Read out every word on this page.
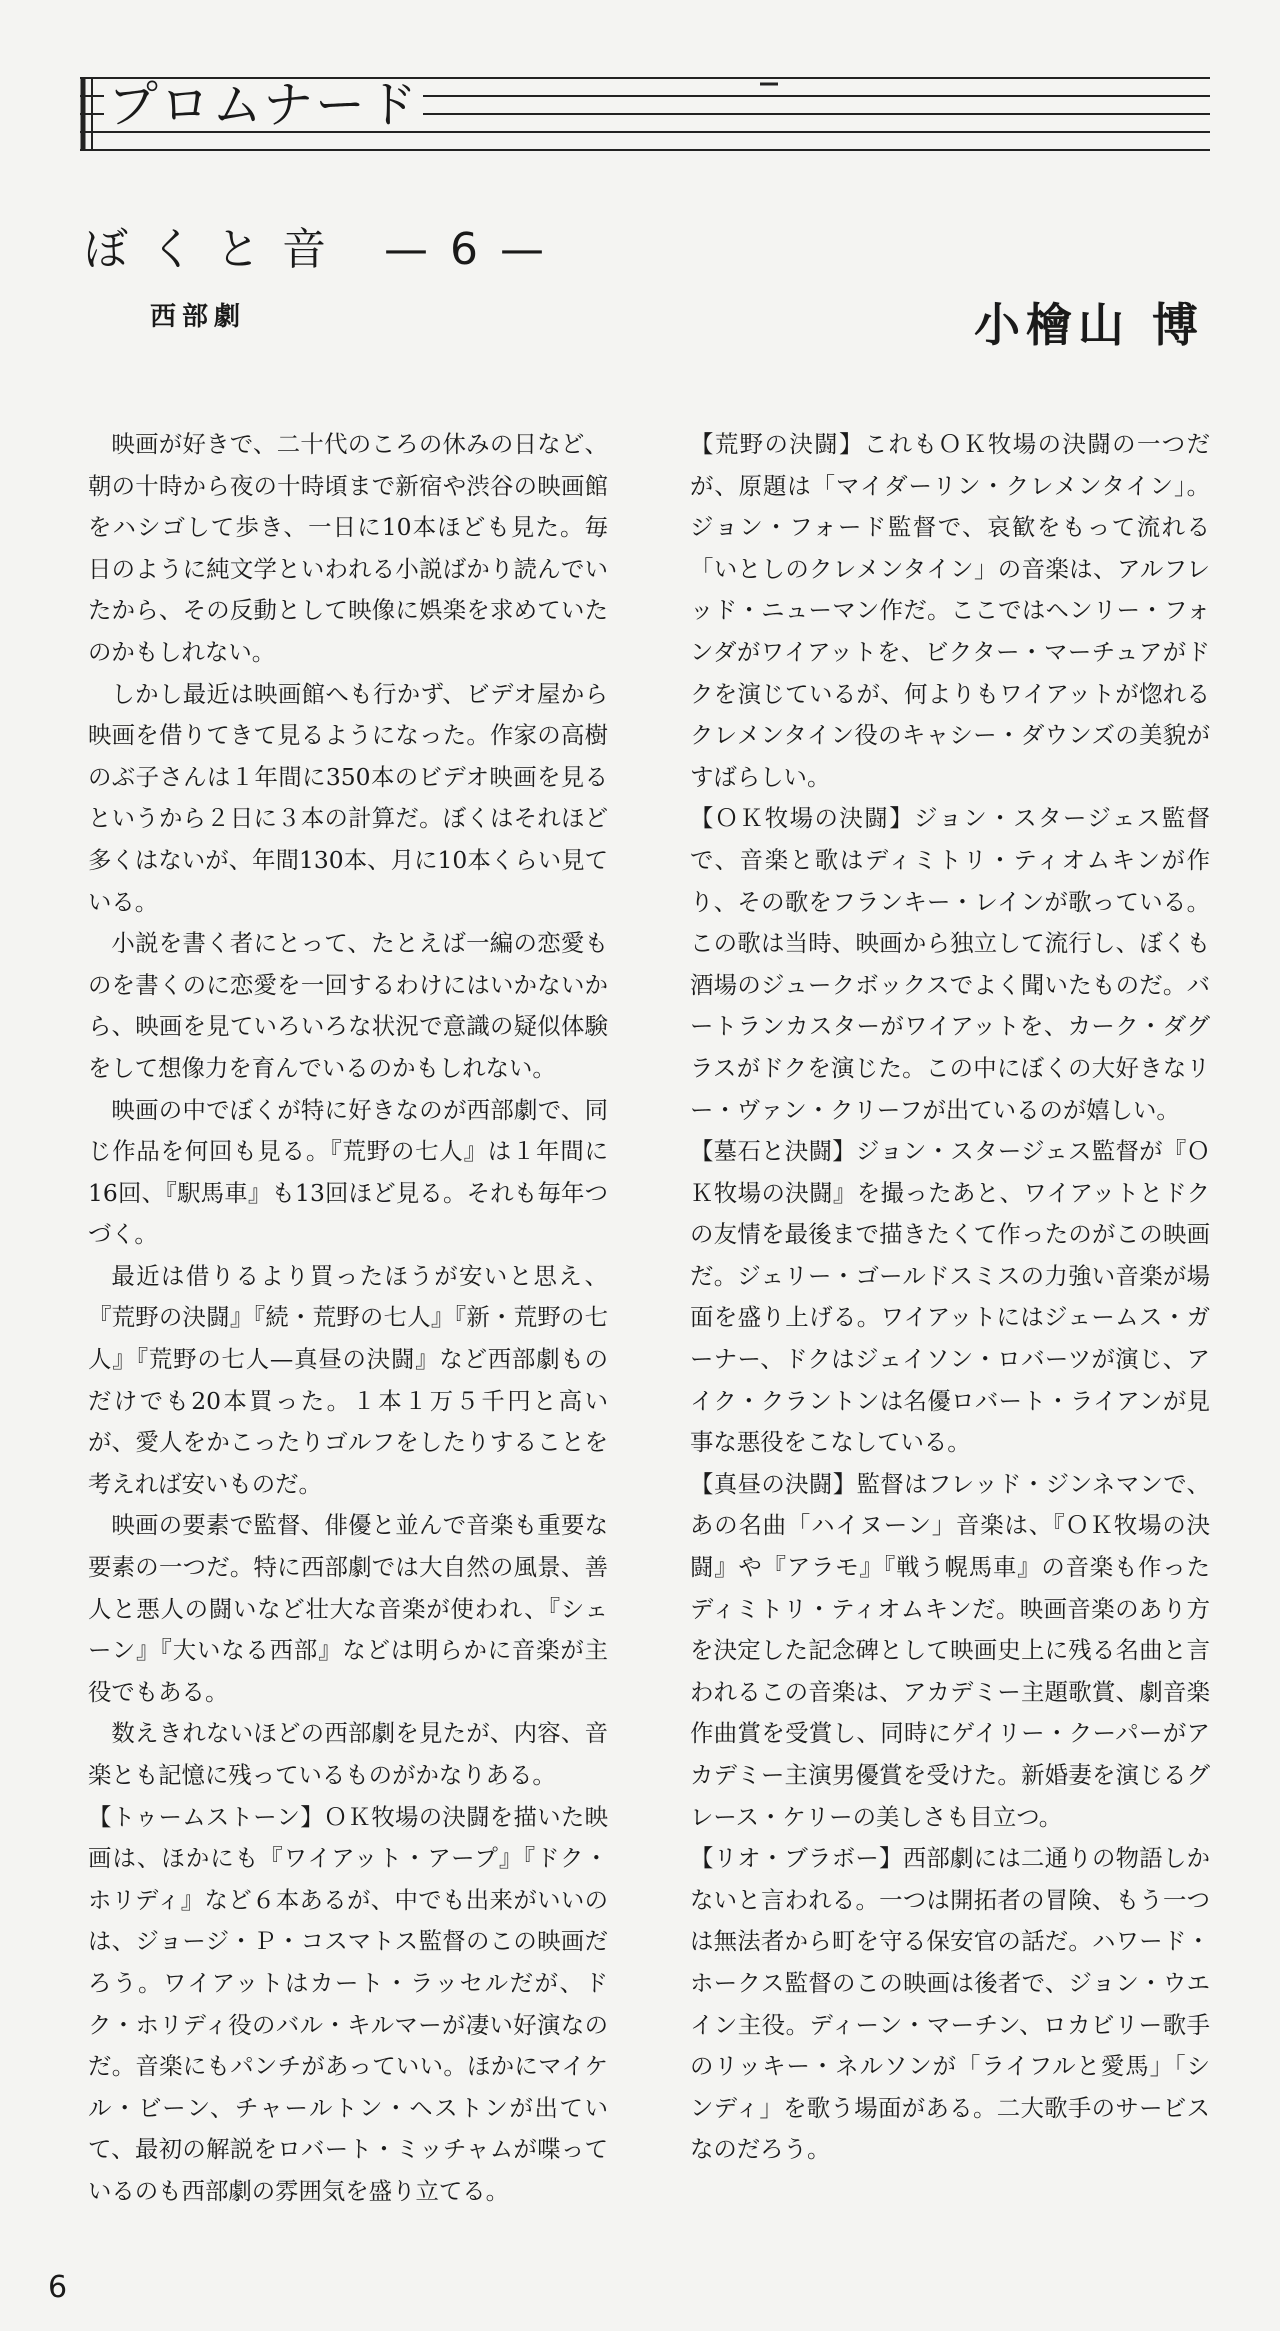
プロムナード
ぼくと音 —6—
西部劇	小檜山 博

映画が好きで、二十代のころの休みの日など、朝の十時から夜の十時頃まで新宿や渋谷の映画館をハシゴして歩き、一日に10本ほども見た。毎日のように純文学といわれる小説ばかり読んでいたから、その反動として映像に娯楽を求めていたのかもしれない。

しかし最近は映画館へも行かず、ビデオ屋から映画を借りてきて見るようになった。作家の高樹のぶ子さんは１年間に350本のビデオ映画を見るというから２日に３本の計算だ。ぼくはそれほど多くはないが、年間130本、月に10本くらい見ている。

小説を書く者にとって、たとえば一編の恋愛ものを書くのに恋愛を一回するわけにはいかないから、映画を見ていろいろな状況で意識の疑似体験をして想像力を育んでいるのかもしれない。

映画の中でぼくが特に好きなのが西部劇で、同じ作品を何回も見る。『荒野の七人』は１年間に16回、『駅馬車』も13回ほど見る。それも毎年つづく。

最近は借りるより買ったほうが安いと思え、『荒野の決闘』『続・荒野の七人』『新・荒野の七人』『荒野の七人—真昼の決闘』など西部劇ものだけでも20本買った。１本１万５千円と高いが、愛人をかこったりゴルフをしたりすることを考えれば安いものだ。

映画の要素で監督、俳優と並んで音楽も重要な要素の一つだ。特に西部劇では大自然の風景、善人と悪人の闘いなど壮大な音楽が使われ、『シェーン』『大いなる西部』などは明らかに音楽が主役でもある。

数えきれないほどの西部劇を見たが、内容、音楽とも記憶に残っているものがかなりある。

【トゥームストーン】ＯＫ牧場の決闘を描いた映画は、ほかにも『ワイアット・アープ』『ドク・ホリディ』など６本あるが、中でも出来がいいのは、ジョージ・Ｐ・コスマトス監督のこの映画だろう。ワイアットはカート・ラッセルだが、ドク・ホリディ役のバル・キルマーが凄い好演なのだ。音楽にもパンチがあっていい。ほかにマイケル・ビーン、チャールトン・ヘストンが出ていて、最初の解説をロバート・ミッチャムが喋っているのも西部劇の雰囲気を盛り立てる。

【荒野の決闘】これもＯＫ牧場の決闘の一つだが、原題は「マイダーリン・クレメンタイン」。ジョン・フォード監督で、哀歓をもって流れる「いとしのクレメンタイン」の音楽は、アルフレッド・ニューマン作だ。ここではヘンリー・フォンダがワイアットを、ビクター・マーチュアがドクを演じているが、何よりもワイアットが惚れるクレメンタイン役のキャシー・ダウンズの美貌がすばらしい。

【ＯＫ牧場の決闘】ジョン・スタージェス監督で、音楽と歌はディミトリ・ティオムキンが作り、その歌をフランキー・レインが歌っている。この歌は当時、映画から独立して流行し、ぼくも酒場のジュークボックスでよく聞いたものだ。バートランカスターがワイアットを、カーク・ダグラスがドクを演じた。この中にぼくの大好きなリー・ヴァン・クリーフが出ているのが嬉しい。

【墓石と決闘】ジョン・スタージェス監督が『ＯＫ牧場の決闘』を撮ったあと、ワイアットとドクの友情を最後まで描きたくて作ったのがこの映画だ。ジェリー・ゴールドスミスの力強い音楽が場面を盛り上げる。ワイアットにはジェームス・ガーナー、ドクはジェイソン・ロバーツが演じ、アイク・クラントンは名優ロバート・ライアンが見事な悪役をこなしている。

【真昼の決闘】監督はフレッド・ジンネマンで、あの名曲「ハイヌーン」音楽は、『ＯＫ牧場の決闘』や『アラモ』『戦う幌馬車』の音楽も作ったディミトリ・ティオムキンだ。映画音楽のあり方を決定した記念碑として映画史上に残る名曲と言われるこの音楽は、アカデミー主題歌賞、劇音楽作曲賞を受賞し、同時にゲイリー・クーパーがアカデミー主演男優賞を受けた。新婚妻を演じるグレース・ケリーの美しさも目立つ。

【リオ・ブラボー】西部劇には二通りの物語しかないと言われる。一つは開拓者の冒険、もう一つは無法者から町を守る保安官の話だ。ハワード・ホークス監督のこの映画は後者で、ジョン・ウエイン主役。ディーン・マーチン、ロカビリー歌手のリッキー・ネルソンが「ライフルと愛馬」「シンディ」を歌う場面がある。二大歌手のサービスなのだろう。

6
